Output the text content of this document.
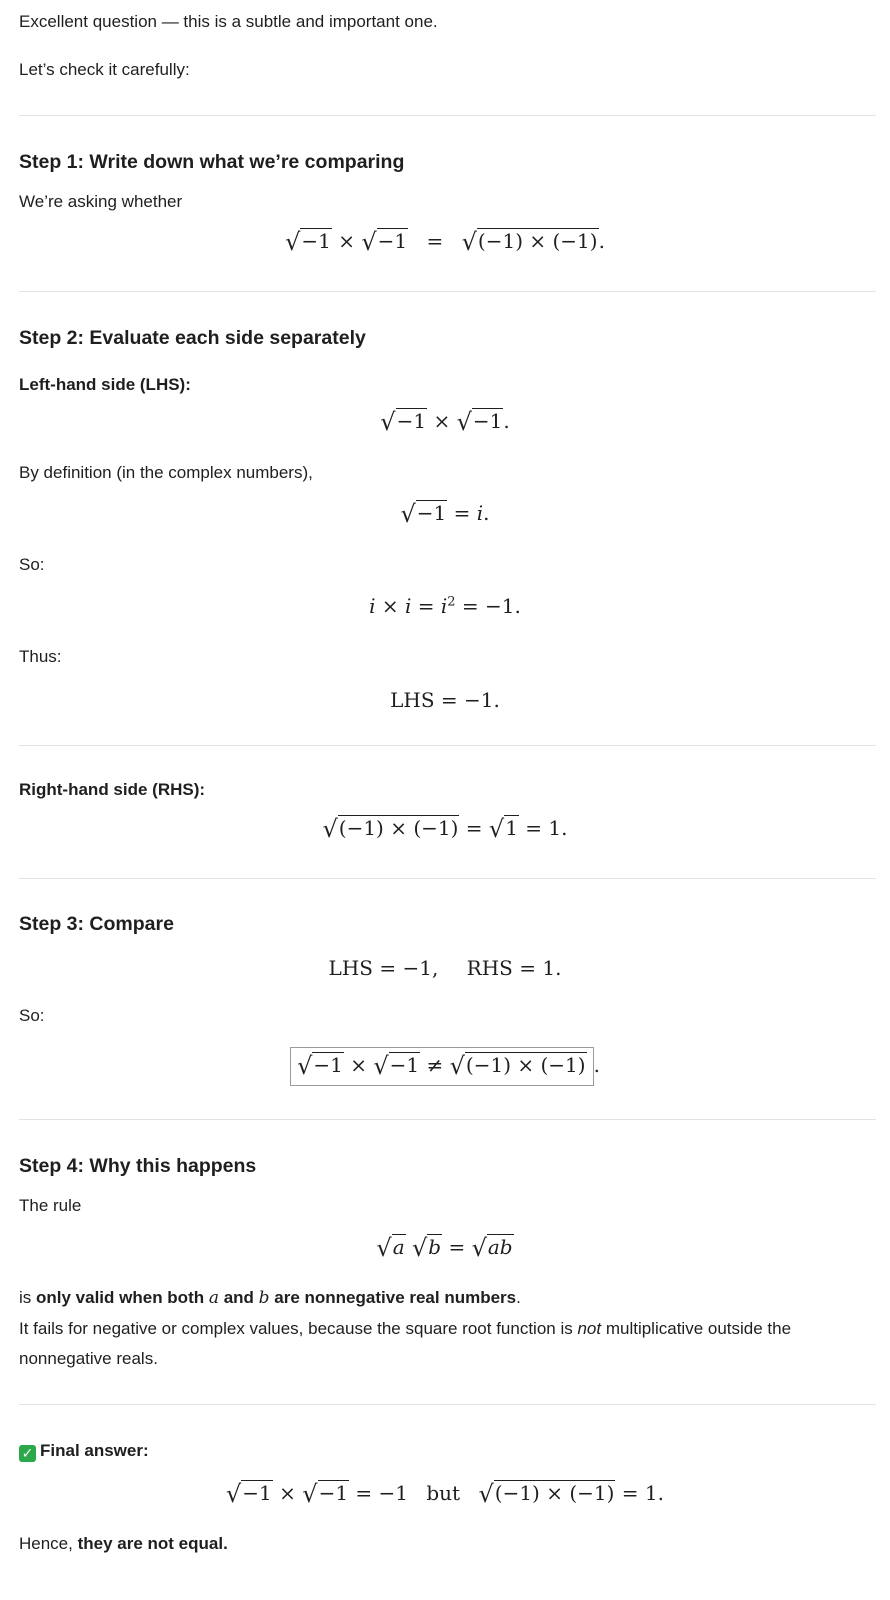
Excellent question — this is a subtle and important one.

Let’s check it carefully:

Step 1: Write down what we’re comparing

We’re asking whether

√−1 × √−1 = √(−1) × (−1).
Step 2: Evaluate each side separately
Left-hand side (LHS):
√−1 × √−1.

By definition (in the complex numbers),

√−1 = i.

So:

$i \times i = i^2 = -1$.

Thus:

LHS = −1.
Right-hand side (RHS):
√(−1) × (−1) = √1 = 1.
Step 3: Compare
LHS = −1, RHS = 1.

So:

√−1 × √−1 ≠ √(−1) × (−1) .
Step 4: Why this happens

The rule

√a √b = √ab

is only valid when both a and b are nonnegative real numbers.

It fails for negative or complex values, because the square root function is not multiplicative outside the

nonnegative reals.

✓ Final answer:
√−1 × √−1 = −1 but √(−1) × (−1) = 1.

Hence, they are not equal.
